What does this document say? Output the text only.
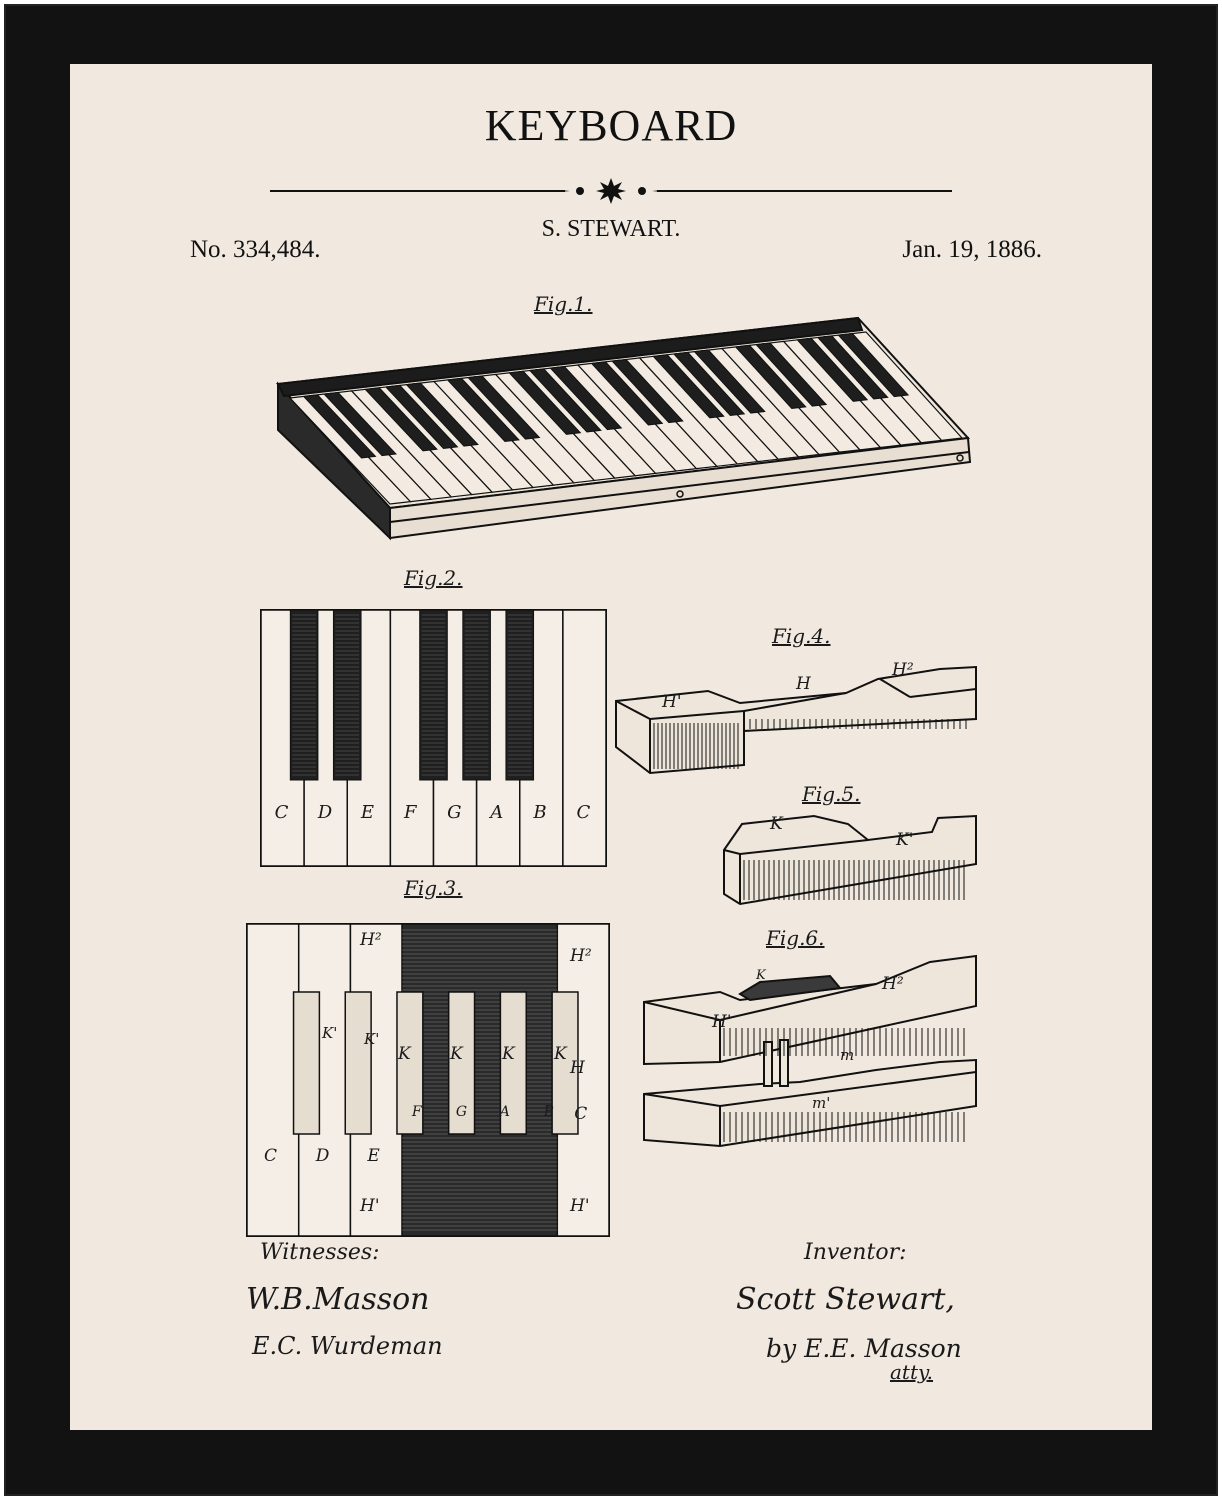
KEYBOARD
S. STEWART.
No. 334,484.	Jan. 19, 1886.
Fig.1.
Fig.2.
C D E F G A B C
Fig.3.
C D E
F G A B C
H²
H²
H'	H'
H
K' K'
K K K K
Fig.4.
H'
H
H²
Fig.5.
K
K'
Fig.6.
K
H'
H²
m
m'
Witnesses:
W.B.Masson
E.C. Wurdeman
Inventor:
Scott Stewart,
by E.E. Masson
atty.
